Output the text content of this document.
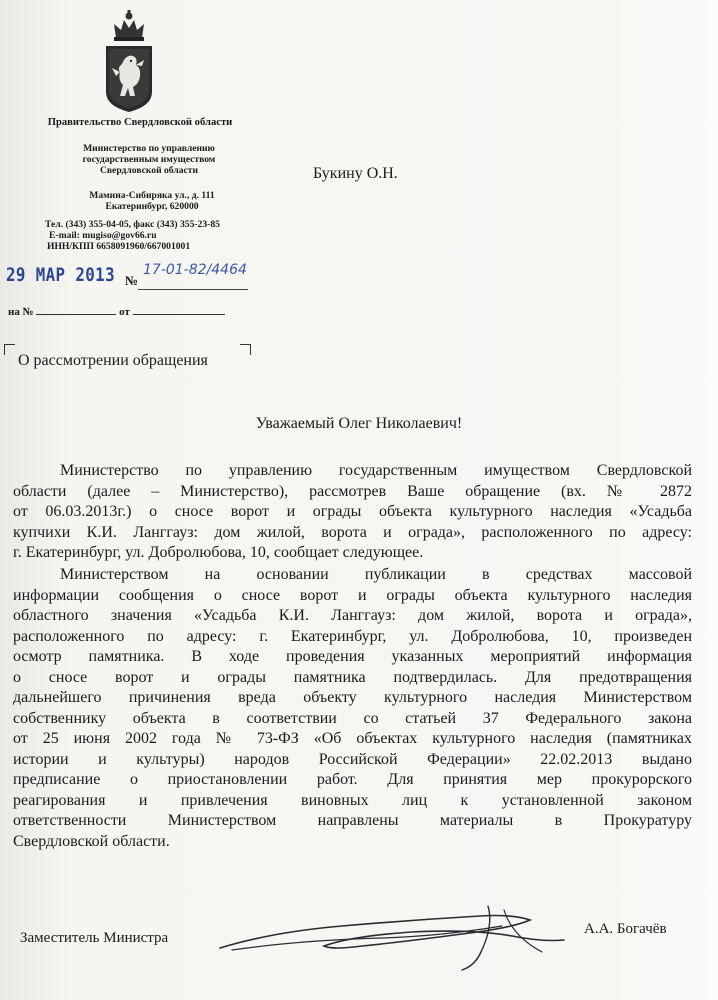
Правительство Свердловской области
Министерство по управлению
государственным имуществом
Свердловской области
Мамина-Сибиряка ул., д. 111
Екатеринбург, 620000
Тел. (343) 355-04-05, факс (343) 355-23-85
E-mail: mugiso@gov66.ru
ИНН/КПП 6658091960/667001001
Букину О.Н.
29 MAP 2013 №
17-01-82/4464
на №	от
О рассмотрении обращения
Уважаемый Олег Николаевич!
Министерство по управлению государственным имуществом Свердловской
области (далее – Министерство), рассмотрев Ваше обращение (вх. № 2872
от 06.03.2013г.) о сносе ворот и ограды объекта культурного наследия «Усадьба
купчихи К.И. Ланггауз: дом жилой, ворота и ограда», расположенного по адресу:
г. Екатеринбург, ул. Добролюбова, 10, сообщает следующее.
Министерством на основании публикации в средствах массовой
информации сообщения о сносе ворот и ограды объекта культурного наследия
областного значения «Усадьба К.И. Ланггауз: дом жилой, ворота и ограда»,
расположенного по адресу: г. Екатеринбург, ул. Добролюбова, 10, произведен
осмотр памятника. В ходе проведения указанных мероприятий информация
о сносе ворот и ограды памятника подтвердилась. Для предотвращения
дальнейшего причинения вреда объекту культурного наследия Министерством
собственнику объекта в соответствии со статьей 37 Федерального закона
от 25 июня 2002 года № 73-ФЗ «Об объектах культурного наследия (памятниках
истории и культуры) народов Российской Федерации» 22.02.2013 выдано
предписание о приостановлении работ. Для принятия мер прокурорского
реагирования и привлечения виновных лиц к установленной законом
ответственности Министерством направлены материалы в Прокуратуру
Свердловской области.
Заместитель Министра
А.А. Богачёв
